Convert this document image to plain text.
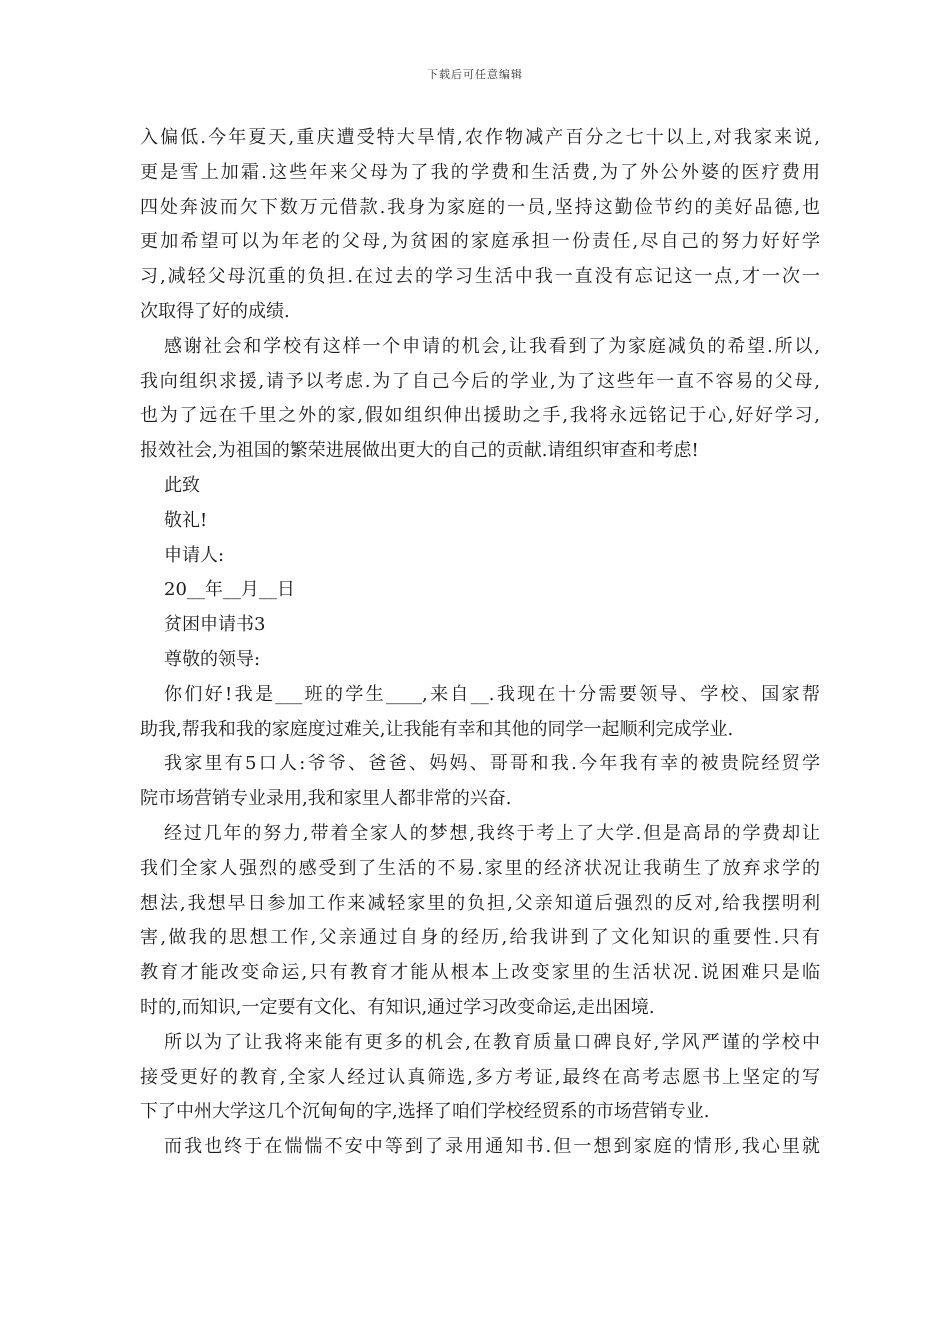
下载后可任意编辑
入偏低.今年夏天,重庆遭受特大旱情,农作物减产百分之七十以上,对我家来说,
更是雪上加霜.这些年来父母为了我的学费和生活费,为了外公外婆的医疗费用
四处奔波而欠下数万元借款.我身为家庭的一员,坚持这勤俭节约的美好品德,也
更加希望可以为年老的父母,为贫困的家庭承担一份责任,尽自己的努力好好学
习,减轻父母沉重的负担.在过去的学习生活中我一直没有忘记这一点,才一次一
次取得了好的成绩.
感谢社会和学校有这样一个申请的机会,让我看到了为家庭减负的希望.所以,
我向组织求援,请予以考虑.为了自己今后的学业,为了这些年一直不容易的父母,
也为了远在千里之外的家,假如组织伸出援助之手,我将永远铭记于心,好好学习,
报效社会,为祖国的繁荣进展做出更大的自己的贡献.请组织审查和考虑!
此致
敬礼!
申请人:
20__年__月__日
贫困申请书3
尊敬的领导:
你们好!我是___班的学生____,来自__.我现在十分需要领导、学校、国家帮
助我,帮我和我的家庭度过难关,让我能有幸和其他的同学一起顺利完成学业.
我家里有5口人:爷爷、爸爸、妈妈、哥哥和我.今年我有幸的被贵院经贸学
院市场营销专业录用,我和家里人都非常的兴奋.
经过几年的努力,带着全家人的梦想,我终于考上了大学.但是高昂的学费却让
我们全家人强烈的感受到了生活的不易.家里的经济状况让我萌生了放弃求学的
想法,我想早日参加工作来减轻家里的负担,父亲知道后强烈的反对,给我摆明利
害,做我的思想工作,父亲通过自身的经历,给我讲到了文化知识的重要性.只有
教育才能改变命运,只有教育才能从根本上改变家里的生活状况.说困难只是临
时的,而知识,一定要有文化、有知识,通过学习改变命运,走出困境.
所以为了让我将来能有更多的机会,在教育质量口碑良好,学风严谨的学校中
接受更好的教育,全家人经过认真筛选,多方考证,最终在高考志愿书上坚定的写
下了中州大学这几个沉甸甸的字,选择了咱们学校经贸系的市场营销专业.
而我也终于在惴惴不安中等到了录用通知书.但一想到家庭的情形,我心里就
